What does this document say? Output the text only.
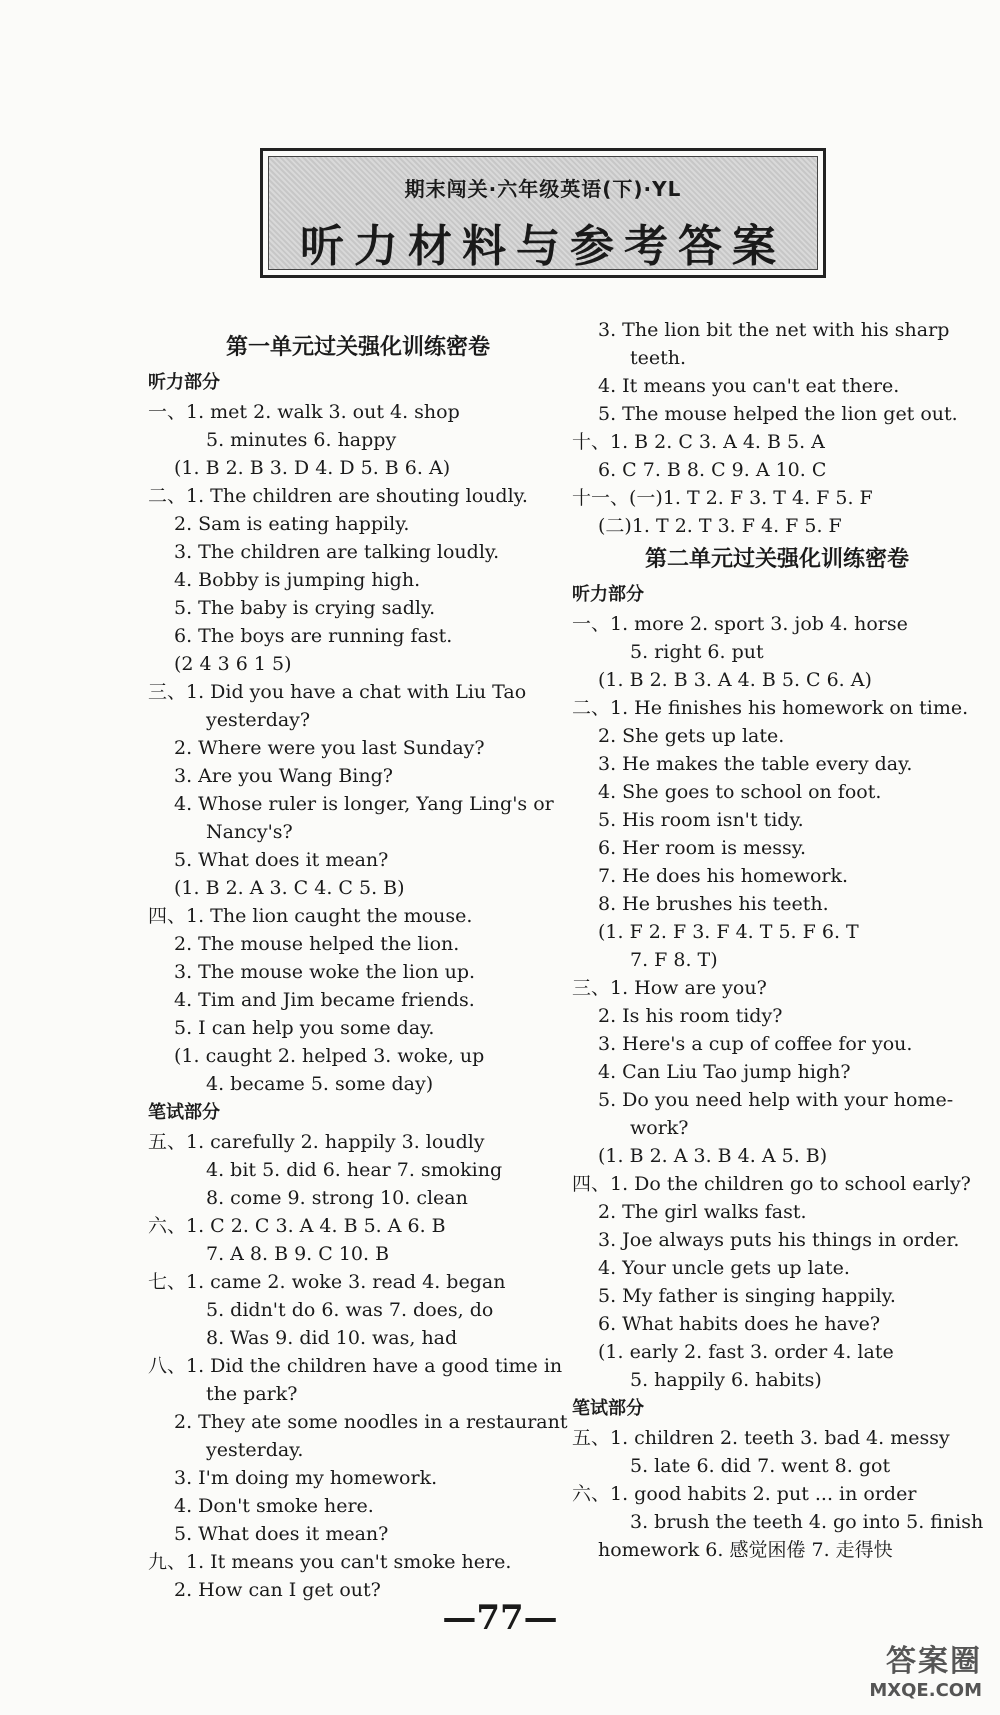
期末闯关·六年级英语(下)·YL
听力材料与参考答案
第一单元过关强化训练密卷
听力部分
一、1. met 2. walk 3. out 4. shop
5. minutes 6. happy
(1. B 2. B 3. D 4. D 5. B 6. A)
二、1. The children are shouting loudly.
2. Sam is eating happily.
3. The children are talking loudly.
4. Bobby is jumping high.
5. The baby is crying sadly.
6. The boys are running fast.
(2 4 3 6 1 5)
三、1. Did you have a chat with Liu Tao
yesterday?
2. Where were you last Sunday?
3. Are you Wang Bing?
4. Whose ruler is longer, Yang Ling's or
Nancy's?
5. What does it mean?
(1. B 2. A 3. C 4. C 5. B)
四、1. The lion caught the mouse.
2. The mouse helped the lion.
3. The mouse woke the lion up.
4. Tim and Jim became friends.
5. I can help you some day.
(1. caught 2. helped 3. woke, up
4. became 5. some day)
笔试部分
五、1. carefully 2. happily 3. loudly
4. bit 5. did 6. hear 7. smoking
8. come 9. strong 10. clean
六、1. C 2. C 3. A 4. B 5. A 6. B
7. A 8. B 9. C 10. B
七、1. came 2. woke 3. read 4. began
5. didn't do 6. was 7. does, do
8. Was 9. did 10. was, had
八、1. Did the children have a good time in
the park?
2. They ate some noodles in a restaurant
yesterday.
3. I'm doing my homework.
4. Don't smoke here.
5. What does it mean?
九、1. It means you can't smoke here.
2. How can I get out?
3. The lion bit the net with his sharp
teeth.
4. It means you can't eat there.
5. The mouse helped the lion get out.
十、1. B 2. C 3. A 4. B 5. A
6. C 7. B 8. C 9. A 10. C
十一、(一)1. T 2. F 3. T 4. F 5. F
(二)1. T 2. T 3. F 4. F 5. F
第二单元过关强化训练密卷
听力部分
一、1. more 2. sport 3. job 4. horse
5. right 6. put
(1. B 2. B 3. A 4. B 5. C 6. A)
二、1. He finishes his homework on time.
2. She gets up late.
3. He makes the table every day.
4. She goes to school on foot.
5. His room isn't tidy.
6. Her room is messy.
7. He does his homework.
8. He brushes his teeth.
(1. F 2. F 3. F 4. T 5. F 6. T
7. F 8. T)
三、1. How are you?
2. Is his room tidy?
3. Here's a cup of coffee for you.
4. Can Liu Tao jump high?
5. Do you need help with your home-
work?
(1. B 2. A 3. B 4. A 5. B)
四、1. Do the children go to school early?
2. The girl walks fast.
3. Joe always puts his things in order.
4. Your uncle gets up late.
5. My father is singing happily.
6. What habits does he have?
(1. early 2. fast 3. order 4. late
5. happily 6. habits)
笔试部分
五、1. children 2. teeth 3. bad 4. messy
5. late 6. did 7. went 8. got
六、1. good habits 2. put ... in order
3. brush the teeth 4. go into 5. finish
homework 6. 感觉困倦 7. 走得快
—77—
答案圈
MXQE.COM
